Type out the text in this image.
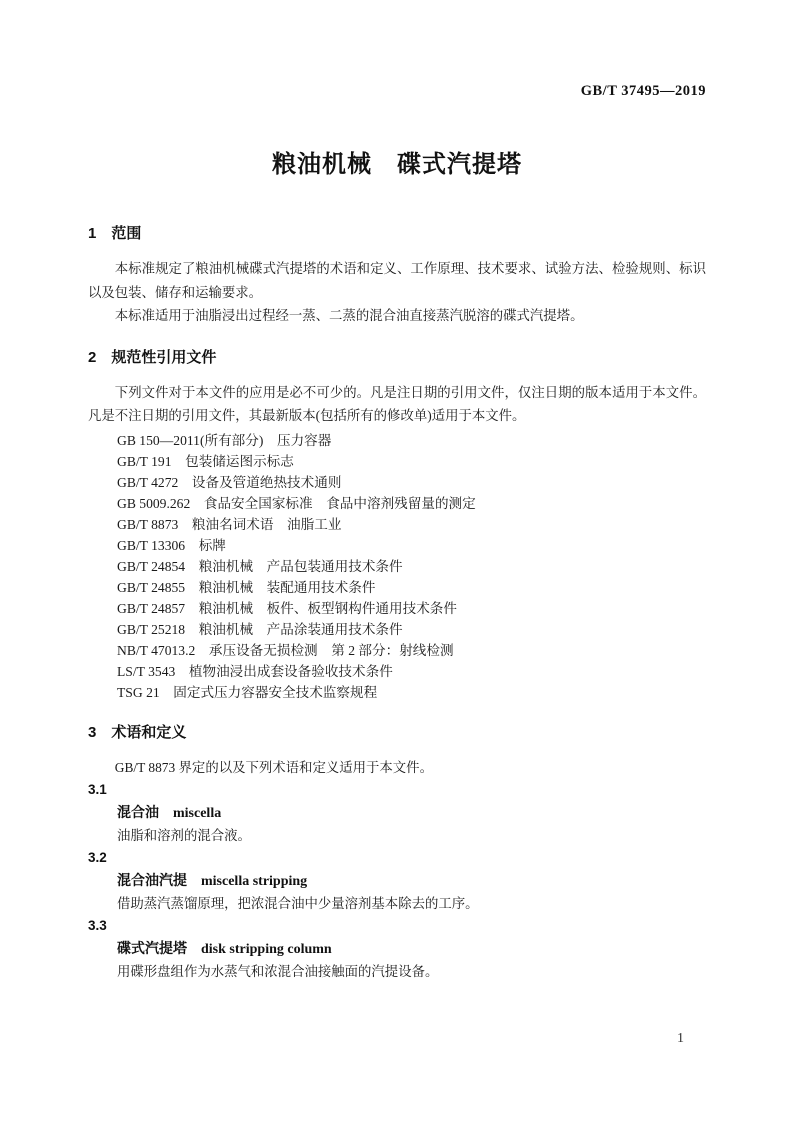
GB/T 37495—2019
粮油机械　碟式汽提塔
1　范围

本标准规定了粮油机械碟式汽提塔的术语和定义、工作原理、技术要求、试验方法、检验规则、标识以及包装、储存和运输要求。

本标准适用于油脂浸出过程经一蒸、二蒸的混合油直接蒸汽脱溶的碟式汽提塔。

2　规范性引用文件

下列文件对于本文件的应用是必不可少的。凡是注日期的引用文件，仅注日期的版本适用于本文件。凡是不注日期的引用文件，其最新版本(包括所有的修改单)适用于本文件。

GB 150—2011(所有部分)　压力容器
GB/T 191　包装储运图示标志
GB/T 4272　设备及管道绝热技术通则
GB 5009.262　食品安全国家标准　食品中溶剂残留量的测定
GB/T 8873　粮油名词术语　油脂工业
GB/T 13306　标牌
GB/T 24854　粮油机械　产品包装通用技术条件
GB/T 24855　粮油机械　装配通用技术条件
GB/T 24857　粮油机械　板件、板型钢构件通用技术条件
GB/T 25218　粮油机械　产品涂装通用技术条件
NB/T 47013.2　承压设备无损检测　第 2 部分：射线检测
LS/T 3543　植物油浸出成套设备验收技术条件
TSG 21　固定式压力容器安全技术监察规程
3　术语和定义

GB/T 8873 界定的以及下列术语和定义适用于本文件。

3.1
混合油 miscella
油脂和溶剂的混合液。
3.2
混合油汽提 miscella stripping
借助蒸汽蒸馏原理，把浓混合油中少量溶剂基本除去的工序。
3.3
碟式汽提塔 disk stripping column
用碟形盘组作为水蒸气和浓混合油接触面的汽提设备。
1
